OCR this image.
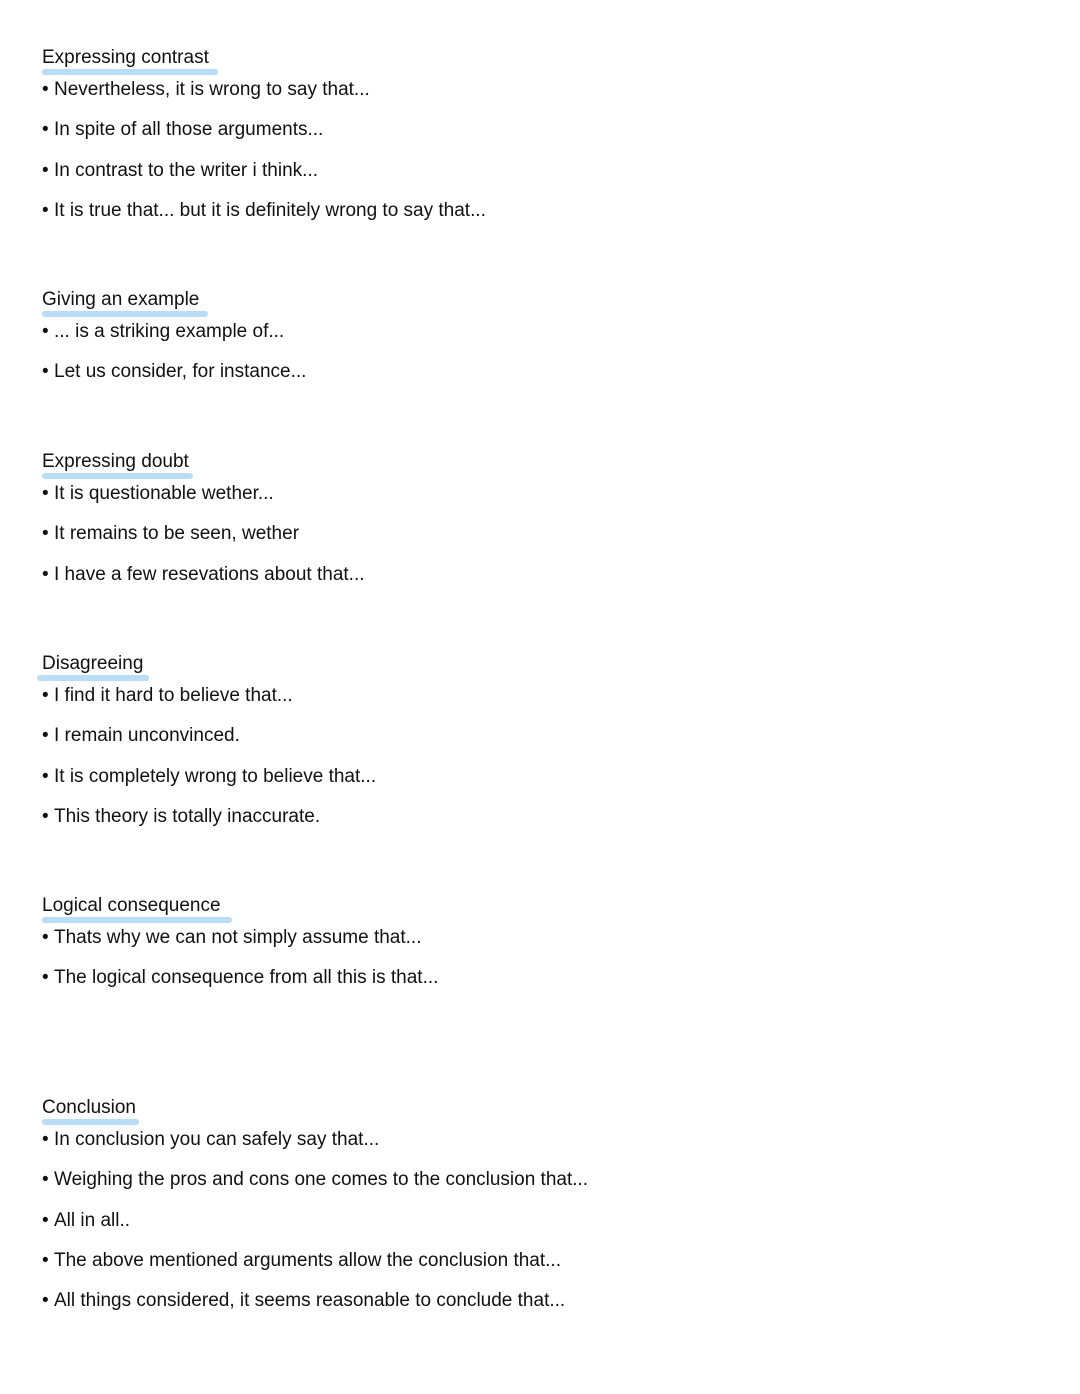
Expressing contrast
• Nevertheless, it is wrong to say that...
• In spite of all those arguments...
• In contrast to the writer i think...
• It is true that... but it is definitely wrong to say that...
Giving an example
• ... is a striking example of...
• Let us consider, for instance...
Expressing doubt
• It is questionable wether...
• It remains to be seen, wether
• I have a few resevations about that...
Disagreeing
• I find it hard to believe that...
• I remain unconvinced.
• It is completely wrong to believe that...
• This theory is totally inaccurate.
Logical consequence
• Thats why we can not simply assume that...
• The logical consequence from all this is that...
Conclusion
• In conclusion you can safely say that...
• Weighing the pros and cons one comes to the conclusion that...
• All in all..
• The above mentioned arguments allow the conclusion that...
• All things considered, it seems reasonable to conclude that...
